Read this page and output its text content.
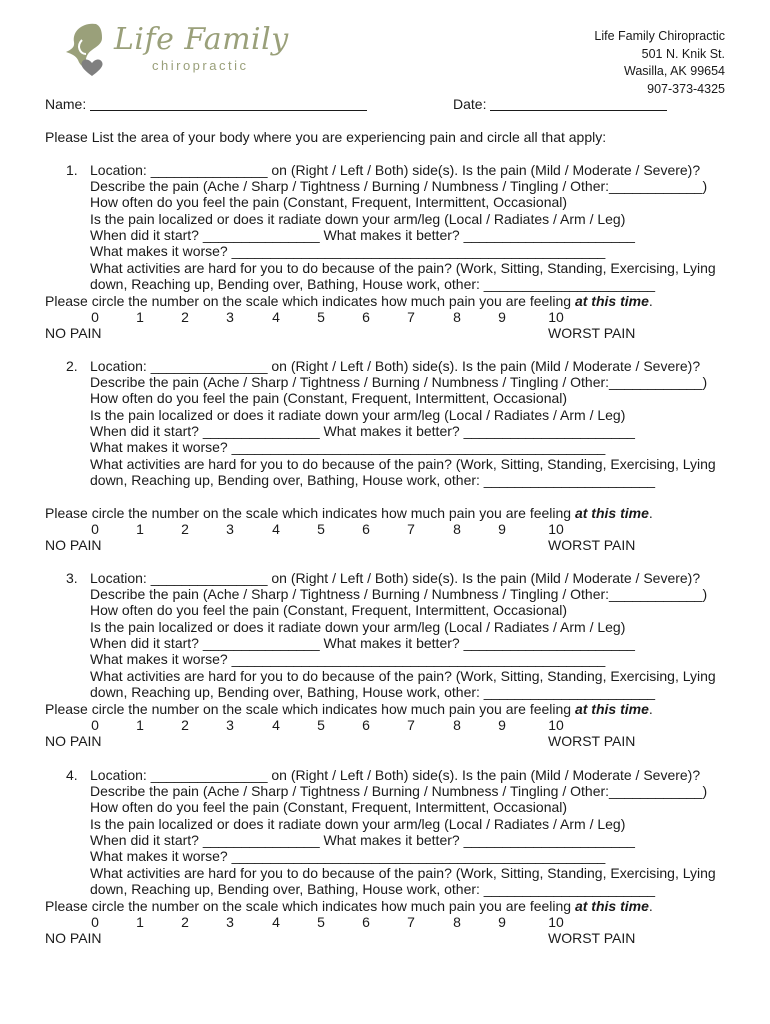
Life Family
chiropractic
Life Family Chiropractic
501 N. Knik St.
Wasilla, AK 99654
907-373-4325
Name:	Date:
Please List the area of your body where you are experiencing pain and circle all that apply:
1. Location: _______________ on (Right / Left / Both) side(s). Is the pain (Mild / Moderate / Severe)?
Describe the pain (Ache / Sharp / Tightness / Burning / Numbness / Tingling / Other:____________)
How often do you feel the pain (Constant, Frequent, Intermittent, Occasional)
Is the pain localized or does it radiate down your arm/leg (Local / Radiates / Arm / Leg)
When did it start? _______________ What makes it better? ______________________
What makes it worse? ________________________________________________
What activities are hard for you to do because of the pain? (Work, Sitting, Standing, Exercising, Lying
down, Reaching up, Bending over, Bathing, House work, other: ______________________
Please circle the number on the scale which indicates how much pain you are feeling at this time.
0	1	2	3	4	5	6	7	8	9	10
NO PAIN	WORST PAIN
2. Location: _______________ on (Right / Left / Both) side(s). Is the pain (Mild / Moderate / Severe)?
Describe the pain (Ache / Sharp / Tightness / Burning / Numbness / Tingling / Other:____________)
How often do you feel the pain (Constant, Frequent, Intermittent, Occasional)
Is the pain localized or does it radiate down your arm/leg (Local / Radiates / Arm / Leg)
When did it start? _______________ What makes it better? ______________________
What makes it worse? ________________________________________________
What activities are hard for you to do because of the pain? (Work, Sitting, Standing, Exercising, Lying
down, Reaching up, Bending over, Bathing, House work, other: ______________________
Please circle the number on the scale which indicates how much pain you are feeling at this time.
0	1	2	3	4	5	6	7	8	9	10
NO PAIN	WORST PAIN
3. Location: _______________ on (Right / Left / Both) side(s). Is the pain (Mild / Moderate / Severe)?
Describe the pain (Ache / Sharp / Tightness / Burning / Numbness / Tingling / Other:____________)
How often do you feel the pain (Constant, Frequent, Intermittent, Occasional)
Is the pain localized or does it radiate down your arm/leg (Local / Radiates / Arm / Leg)
When did it start? _______________ What makes it better? ______________________
What makes it worse? ________________________________________________
What activities are hard for you to do because of the pain? (Work, Sitting, Standing, Exercising, Lying
down, Reaching up, Bending over, Bathing, House work, other: ______________________
Please circle the number on the scale which indicates how much pain you are feeling at this time.
0	1	2	3	4	5	6	7	8	9	10
NO PAIN	WORST PAIN
4. Location: _______________ on (Right / Left / Both) side(s). Is the pain (Mild / Moderate / Severe)?
Describe the pain (Ache / Sharp / Tightness / Burning / Numbness / Tingling / Other:____________)
How often do you feel the pain (Constant, Frequent, Intermittent, Occasional)
Is the pain localized or does it radiate down your arm/leg (Local / Radiates / Arm / Leg)
When did it start? _______________ What makes it better? ______________________
What makes it worse? ________________________________________________
What activities are hard for you to do because of the pain? (Work, Sitting, Standing, Exercising, Lying
down, Reaching up, Bending over, Bathing, House work, other: ______________________
Please circle the number on the scale which indicates how much pain you are feeling at this time.
0	1	2	3	4	5	6	7	8	9	10
NO PAIN	WORST PAIN
